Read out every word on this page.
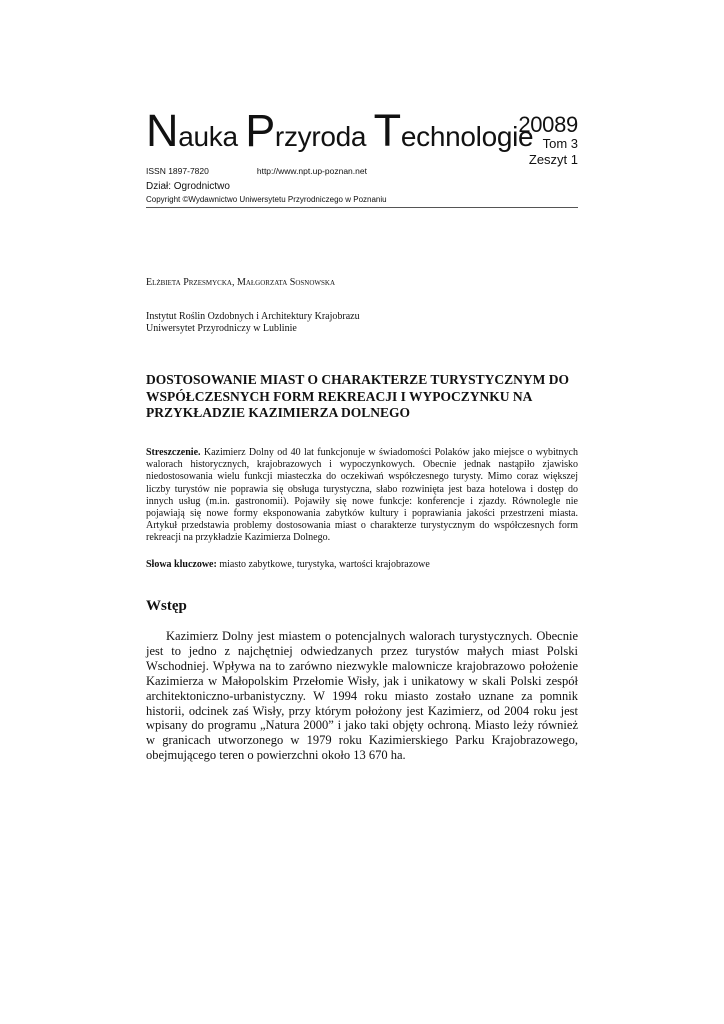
Nauka Przyroda Technologie
20089
Tom 3
Zeszyt 1
ISSN 1897-7820	http://www.npt.up-poznan.net
Dział: Ogrodnictwo
Copyright ©Wydawnictwo Uniwersytetu Przyrodniczego w Poznaniu
Elżbieta Przesmycka, Małgorzata Sosnowska
Instytut Roślin Ozdobnych i Architektury Krajobrazu
Uniwersytet Przyrodniczy w Lublinie
DOSTOSOWANIE MIAST O CHARAKTERZE TURYSTYCZNYM DO WSPÓŁCZESNYCH FORM REKREACJI I WYPOCZYNKU NA PRZYKŁADZIE KAZIMIERZA DOLNEGO

Streszczenie. Kazimierz Dolny od 40 lat funkcjonuje w świadomości Polaków jako miejsce o wybitnych walorach historycznych, krajobrazowych i wypoczynkowych. Obecnie jednak nastąpiło zjawisko niedostosowania wielu funkcji miasteczka do oczekiwań współczesnego turysty. Mimo coraz większej liczby turystów nie poprawia się obsługa turystyczna, słabo rozwinięta jest baza hotelowa i dostęp do innych usług (m.in. gastronomii). Pojawiły się nowe funkcje: konferencje i zjazdy. Równolegle nie pojawiają się nowe formy eksponowania zabytków kultury i poprawiania jakości przestrzeni miasta. Artykuł przedstawia problemy dostosowania miast o charakterze turystycznym do współczesnych form rekreacji na przykładzie Kazimierza Dolnego.

Słowa kluczowe: miasto zabytkowe, turystyka, wartości krajobrazowe

Wstęp

Kazimierz Dolny jest miastem o potencjalnych walorach turystycznych. Obecnie jest to jedno z najchętniej odwiedzanych przez turystów małych miast Polski Wschodniej. Wpływa na to zarówno niezwykle malownicze krajobrazowo położenie Kazimierza w Małopolskim Przełomie Wisły, jak i unikatowy w skali Polski zespół architektoniczno-urbanistyczny. W 1994 roku miasto zostało uznane za pomnik historii, odcinek zaś Wisły, przy którym położony jest Kazimierz, od 2004 roku jest wpisany do programu „Natura 2000” i jako taki objęty ochroną. Miasto leży również w granicach utworzonego w 1979 roku Kazimierskiego Parku Krajobrazowego, obejmującego teren o powierzchni około 13 670 ha.
